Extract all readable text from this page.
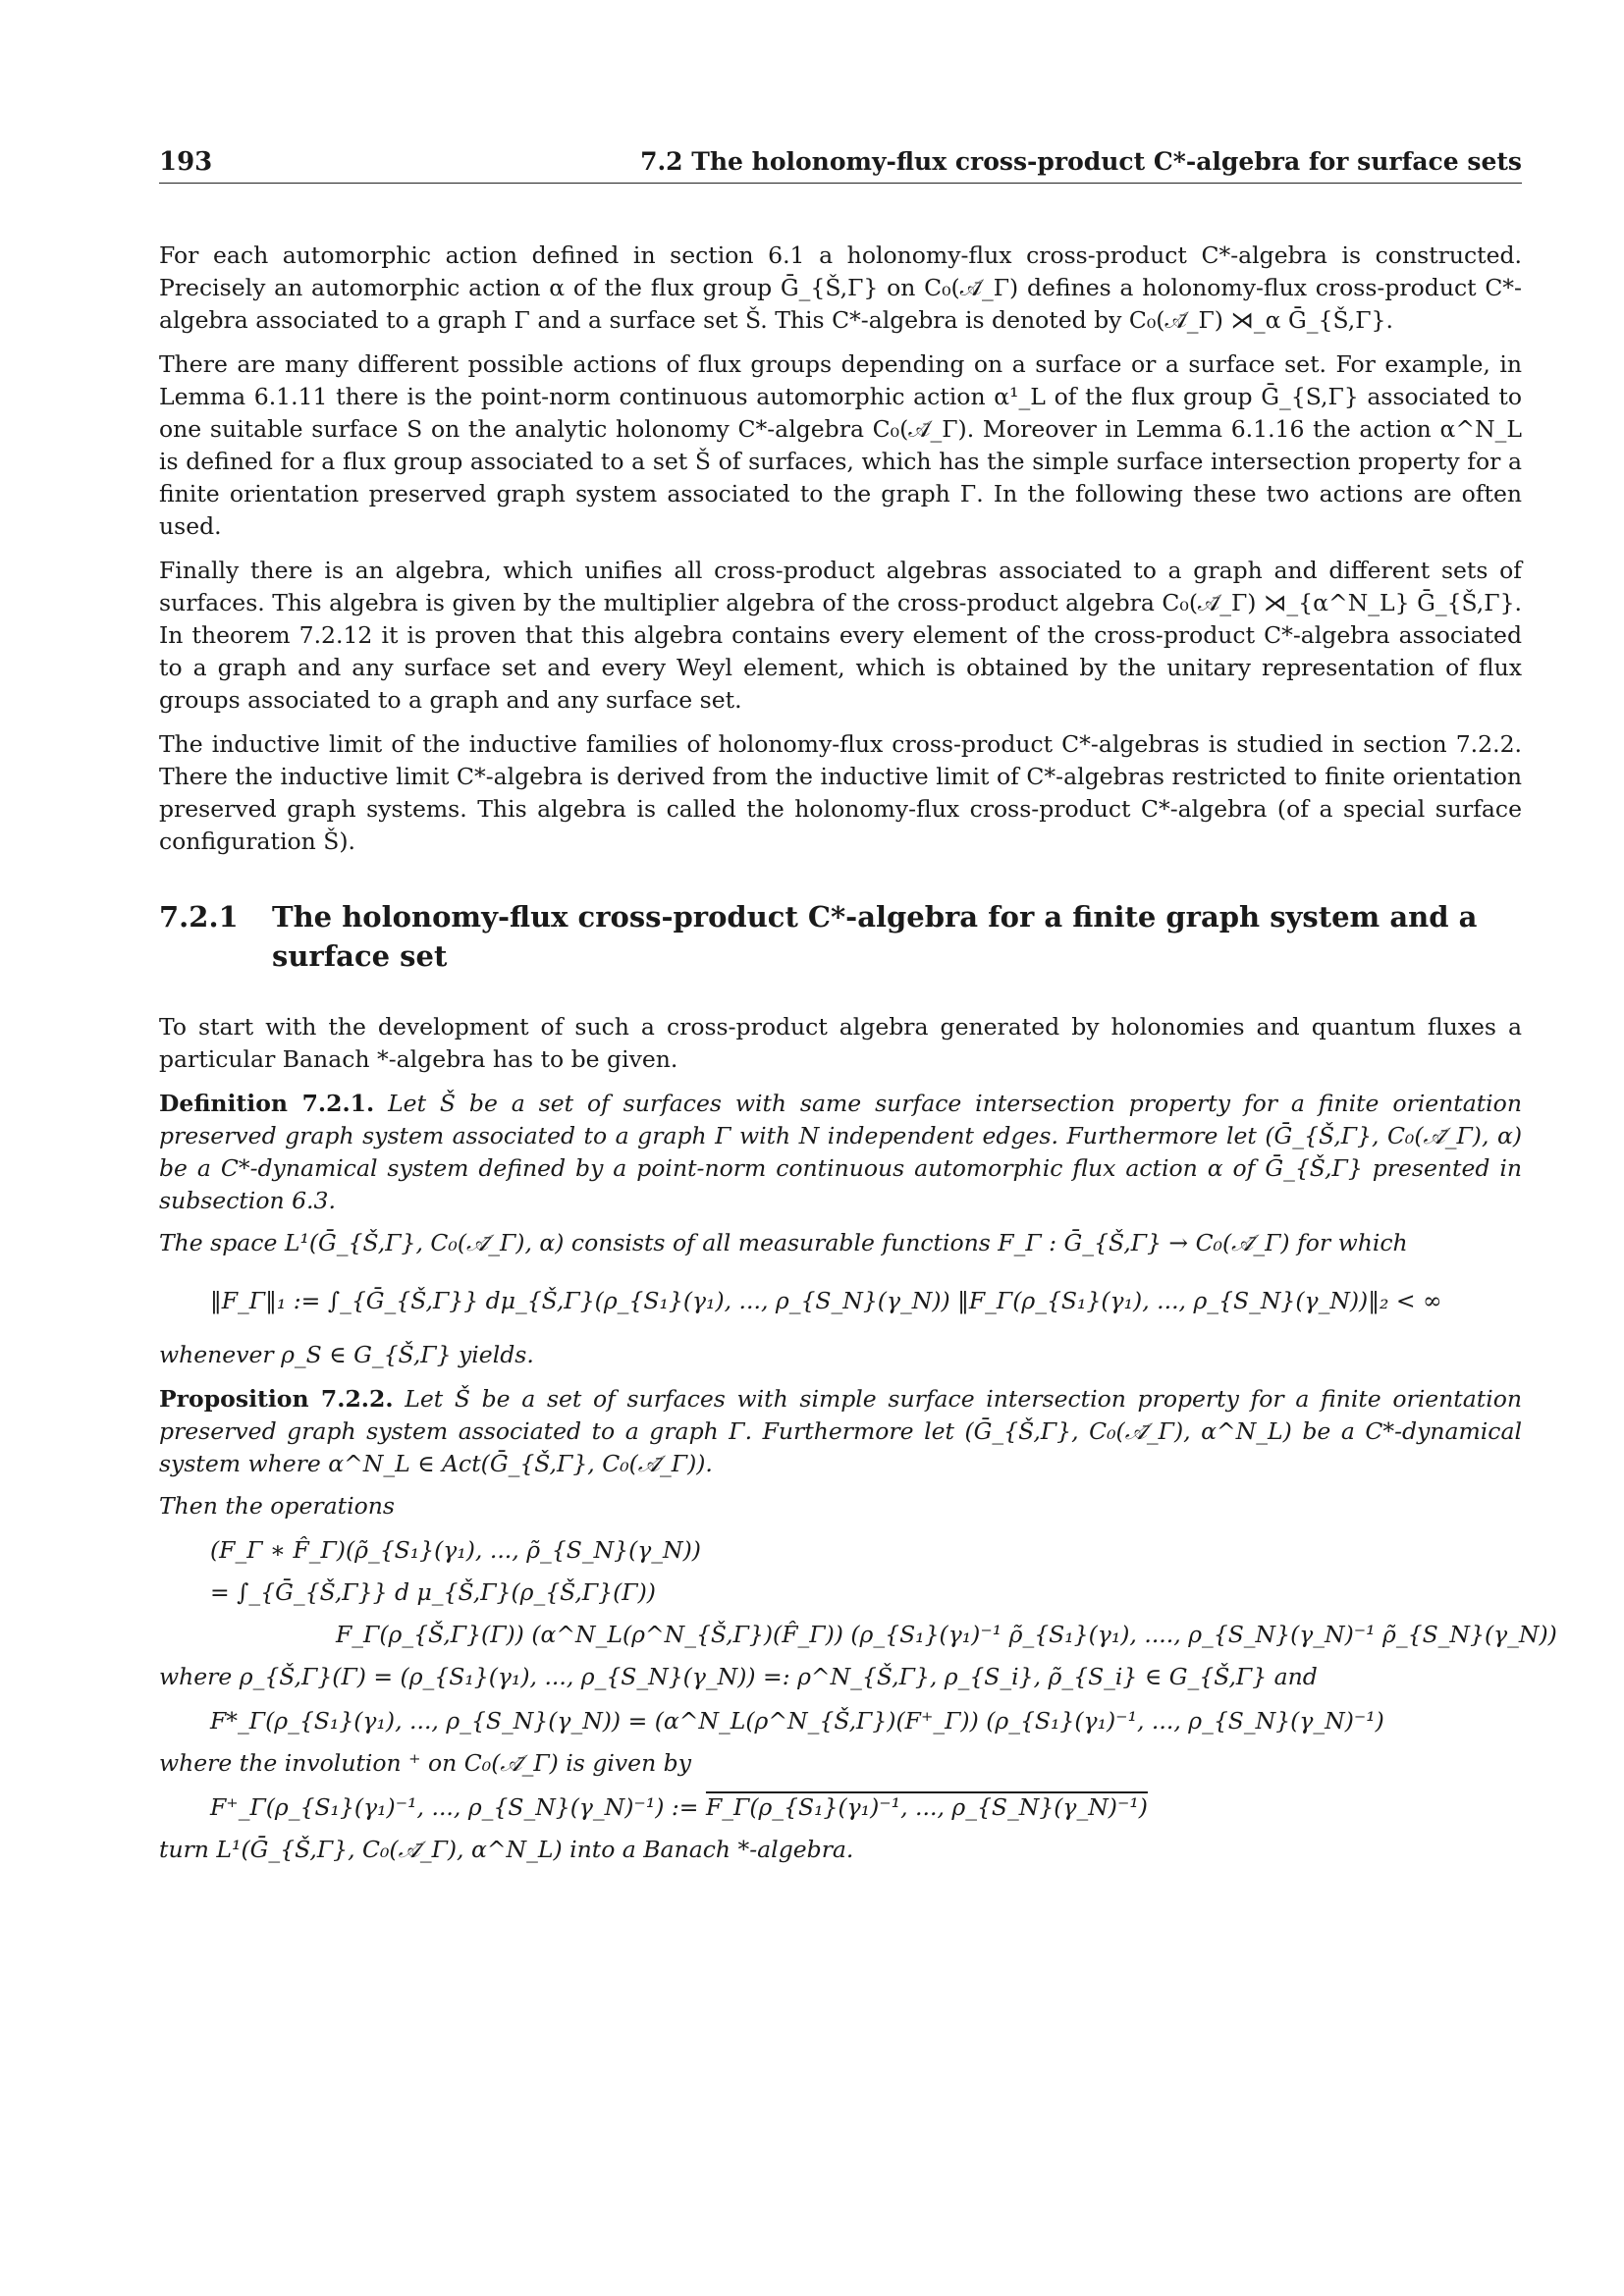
193	7.2 The holonomy-flux cross-product C*-algebra for surface sets

For each automorphic action defined in section 6.1 a holonomy-flux cross-product C*-algebra is constructed. Precisely an automorphic action α of the flux group Ḡ_{Š,Γ} on C₀(𝒜̄_Γ) defines a holonomy-flux cross-product C*-algebra associated to a graph Γ and a surface set Š. This C*-algebra is denoted by C₀(𝒜̄_Γ) ⋊_α Ḡ_{Š,Γ}.

There are many different possible actions of flux groups depending on a surface or a surface set. For example, in Lemma 6.1.11 there is the point-norm continuous automorphic action α¹_L of the flux group Ḡ_{S,Γ} associated to one suitable surface S on the analytic holonomy C*-algebra C₀(𝒜̄_Γ). Moreover in Lemma 6.1.16 the action α^N_L is defined for a flux group associated to a set Š of surfaces, which has the simple surface intersection property for a finite orientation preserved graph system associated to the graph Γ. In the following these two actions are often used.

Finally there is an algebra, which unifies all cross-product algebras associated to a graph and different sets of surfaces. This algebra is given by the multiplier algebra of the cross-product algebra C₀(𝒜̄_Γ) ⋊_{α^N_L} Ḡ_{Š,Γ}. In theorem 7.2.12 it is proven that this algebra contains every element of the cross-product C*-algebra associated to a graph and any surface set and every Weyl element, which is obtained by the unitary representation of flux groups associated to a graph and any surface set.

The inductive limit of the inductive families of holonomy-flux cross-product C*-algebras is studied in section 7.2.2. There the inductive limit C*-algebra is derived from the inductive limit of C*-algebras restricted to finite orientation preserved graph systems. This algebra is called the holonomy-flux cross-product C*-algebra (of a special surface configuration Š).

7.2.1	The holonomy-flux cross-product C*-algebra for a finite graph system and a surface set

To start with the development of such a cross-product algebra generated by holonomies and quantum fluxes a particular Banach *-algebra has to be given.

Definition 7.2.1. Let Š be a set of surfaces with same surface intersection property for a finite orientation preserved graph system associated to a graph Γ with N independent edges. Furthermore let (Ḡ_{Š,Γ}, C₀(𝒜̄_Γ), α) be a C*-dynamical system defined by a point-norm continuous automorphic flux action α of Ḡ_{Š,Γ} presented in subsection 6.3.

The space L¹(Ḡ_{Š,Γ}, C₀(𝒜̄_Γ), α) consists of all measurable functions F_Γ : Ḡ_{Š,Γ} → C₀(𝒜̄_Γ) for which

‖F_Γ‖₁ := ∫_{Ḡ_{Š,Γ}} dμ_{Š,Γ}(ρ_{S₁}(γ₁), ..., ρ_{S_N}(γ_N)) ‖F_Γ(ρ_{S₁}(γ₁), ..., ρ_{S_N}(γ_N))‖₂ < ∞

whenever ρ_S ∈ G_{Š,Γ} yields.

Proposition 7.2.2. Let Š be a set of surfaces with simple surface intersection property for a finite orientation preserved graph system associated to a graph Γ. Furthermore let (Ḡ_{Š,Γ}, C₀(𝒜̄_Γ), α^N_L) be a C*-dynamical system where α^N_L ∈ Act(Ḡ_{Š,Γ}, C₀(𝒜̄_Γ)).

Then the operations

(F_Γ ∗ F̂_Γ)(ρ̃_{S₁}(γ₁), ..., ρ̃_{S_N}(γ_N))
= ∫_{Ḡ_{Š,Γ}} d μ_{Š,Γ}(ρ_{Š,Γ}(Γ))
F_Γ(ρ_{Š,Γ}(Γ)) (α^N_L(ρ^N_{Š,Γ})(F̂_Γ)) (ρ_{S₁}(γ₁)⁻¹ ρ̃_{S₁}(γ₁), ...., ρ_{S_N}(γ_N)⁻¹ ρ̃_{S_N}(γ_N))

where ρ_{Š,Γ}(Γ) = (ρ_{S₁}(γ₁), ..., ρ_{S_N}(γ_N)) =: ρ^N_{Š,Γ}, ρ_{S_i}, ρ̃_{S_i} ∈ G_{Š,Γ} and

F*_Γ(ρ_{S₁}(γ₁), ..., ρ_{S_N}(γ_N)) = (α^N_L(ρ^N_{Š,Γ})(F⁺_Γ)) (ρ_{S₁}(γ₁)⁻¹, ..., ρ_{S_N}(γ_N)⁻¹)

where the involution ⁺ on C₀(𝒜̄_Γ) is given by

F⁺_Γ(ρ_{S₁}(γ₁)⁻¹, ..., ρ_{S_N}(γ_N)⁻¹) := F_Γ(ρ_{S₁}(γ₁)⁻¹, ..., ρ_{S_N}(γ_N)⁻¹)

turn L¹(Ḡ_{Š,Γ}, C₀(𝒜̄_Γ), α^N_L) into a Banach *-algebra.
